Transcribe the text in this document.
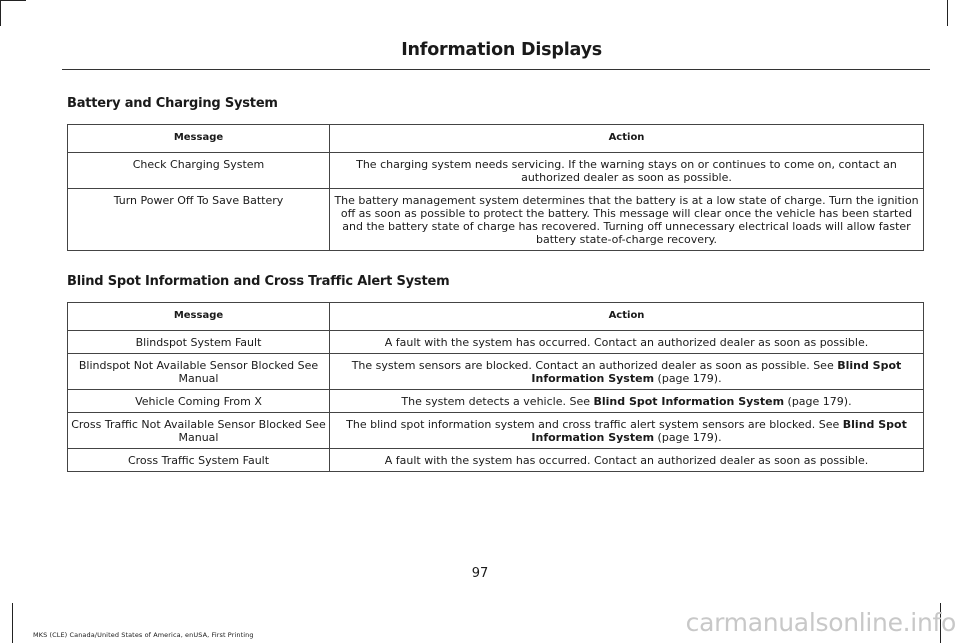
Information Displays
Battery and Charging System
Message	Action
Check Charging System	The charging system needs servicing. If the warning stays on or continues to come on, contact an authorized dealer as soon as possible.
Turn Power Off To Save Battery	The battery management system determines that the battery is at a low state of charge. Turn the ignition off as soon as possible to protect the battery. This message will clear once the vehicle has been started and the battery state of charge has recovered. Turning off unnecessary electrical loads will allow faster battery state-of-charge recovery.
Blind Spot Information and Cross Traffic Alert System
Message	Action
Blindspot System Fault	A fault with the system has occurred. Contact an authorized dealer as soon as possible.
Blindspot Not Available Sensor Blocked See Manual	The system sensors are blocked. Contact an authorized dealer as soon as possible. See Blind Spot Information System (page 179).
Vehicle Coming From X	The system detects a vehicle. See Blind Spot Information System (page 179).
Cross Traffic Not Available Sensor Blocked See Manual	The blind spot information system and cross traffic alert system sensors are blocked. See Blind Spot Information System (page 179).
Cross Traffic System Fault	A fault with the system has occurred. Contact an authorized dealer as soon as possible.
97
MKS (CLE) Canada/United States of America, enUSA, First Printing	carmanualsonline.info
